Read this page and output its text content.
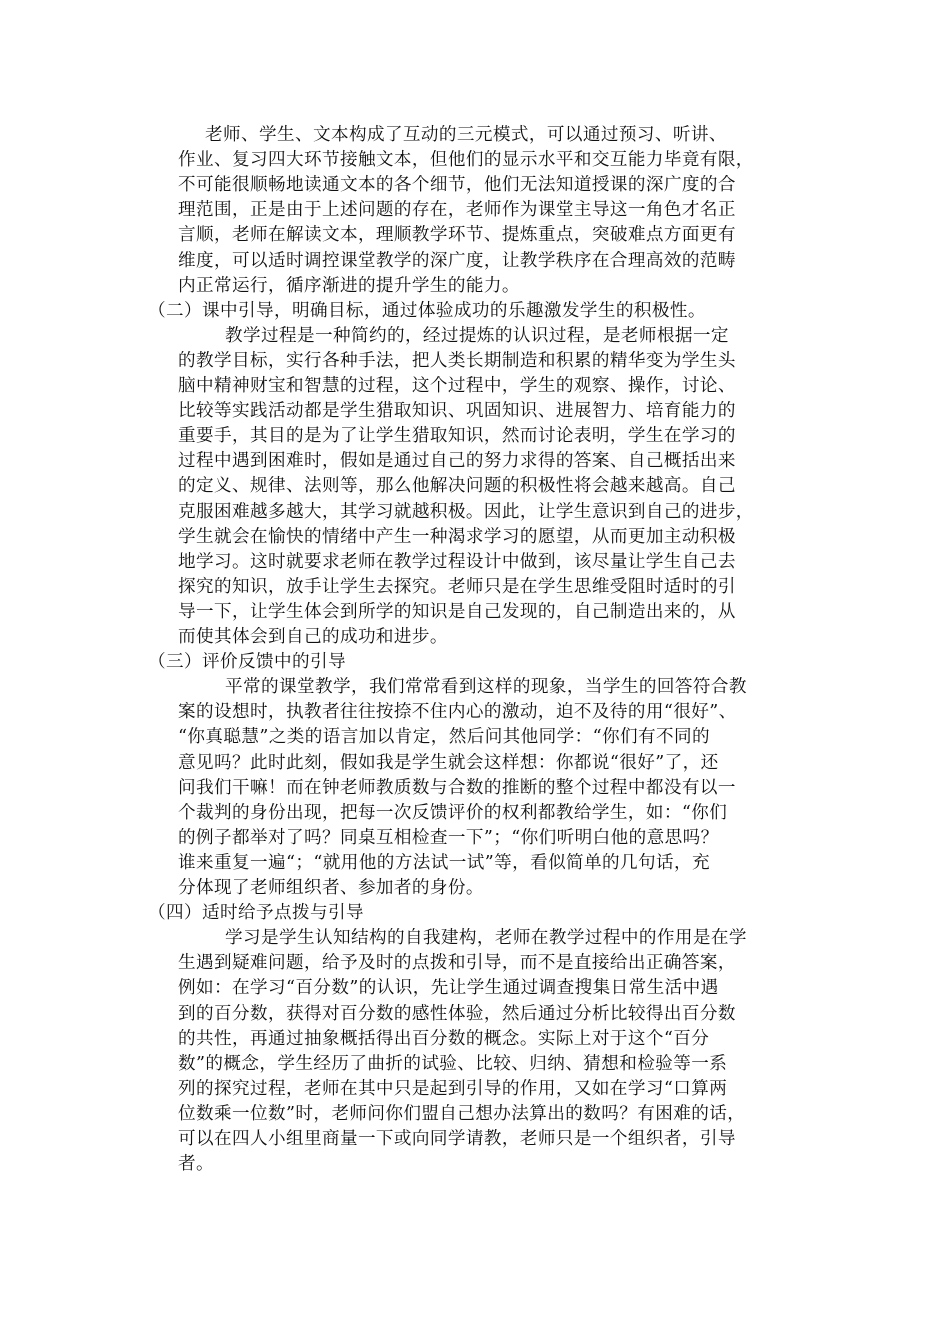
老师、学生、文本构成了互动的三元模式，可以通过预习、听讲、
作业、复习四大环节接触文本，但他们的显示水平和交互能力毕竟有限，
不可能很顺畅地读通文本的各个细节，他们无法知道授课的深广度的合
理范围，正是由于上述问题的存在，老师作为课堂主导这一角色才名正
言顺，老师在解读文本，理顺教学环节、提炼重点，突破难点方面更有
维度，可以适时调控课堂教学的深广度，让教学秩序在合理高效的范畴
内正常运行，循序渐进的提升学生的能力。
（二）课中引导，明确目标，通过体验成功的乐趣激发学生的积极性。
教学过程是一种简约的，经过提炼的认识过程，是老师根据一定
的教学目标，实行各种手法，把人类长期制造和积累的精华变为学生头
脑中精神财宝和智慧的过程，这个过程中，学生的观察、操作，讨论、
比较等实践活动都是学生猎取知识、巩固知识、进展智力、培育能力的
重要手，其目的是为了让学生猎取知识，然而讨论表明，学生在学习的
过程中遇到困难时，假如是通过自己的努力求得的答案、自己概括出来
的定义、规律、法则等，那么他解决问题的积极性将会越来越高。自己
克服困难越多越大，其学习就越积极。因此，让学生意识到自己的进步，
学生就会在愉快的情绪中产生一种渴求学习的愿望，从而更加主动积极
地学习。这时就要求老师在教学过程设计中做到，该尽量让学生自己去
探究的知识，放手让学生去探究。老师只是在学生思维受阻时适时的引
导一下，让学生体会到所学的知识是自己发现的，自己制造出来的，从
而使其体会到自己的成功和进步。
（三）评价反馈中的引导
平常的课堂教学，我们常常看到这样的现象，当学生的回答符合教
案的设想时，执教者往往按捺不住内心的激动，迫不及待的用“很好”、
“你真聪慧”之类的语言加以肯定，然后问其他同学：“你们有不同的
意见吗？此时此刻，假如我是学生就会这样想：你都说“很好”了，还
问我们干嘛！而在钟老师教质数与合数的推断的整个过程中都没有以一
个裁判的身份出现，把每一次反馈评价的权利都教给学生，如：“你们
的例子都举对了吗？同桌互相检查一下”；“你们听明白他的意思吗？
谁来重复一遍“；“就用他的方法试一试”等，看似简单的几句话，充
分体现了老师组织者、参加者的身份。
（四）适时给予点拨与引导
学习是学生认知结构的自我建构，老师在教学过程中的作用是在学
生遇到疑难问题，给予及时的点拨和引导，而不是直接给出正确答案，
例如：在学习“百分数”的认识，先让学生通过调查搜集日常生活中遇
到的百分数，获得对百分数的感性体验，然后通过分析比较得出百分数
的共性，再通过抽象概括得出百分数的概念。实际上对于这个“百分
数”的概念，学生经历了曲折的试验、比较、归纳、猜想和检验等一系
列的探究过程，老师在其中只是起到引导的作用，又如在学习“口算两
位数乘一位数”时，老师问你们盟自己想办法算出的数吗？有困难的话，
可以在四人小组里商量一下或向同学请教，老师只是一个组织者，引导
者。
